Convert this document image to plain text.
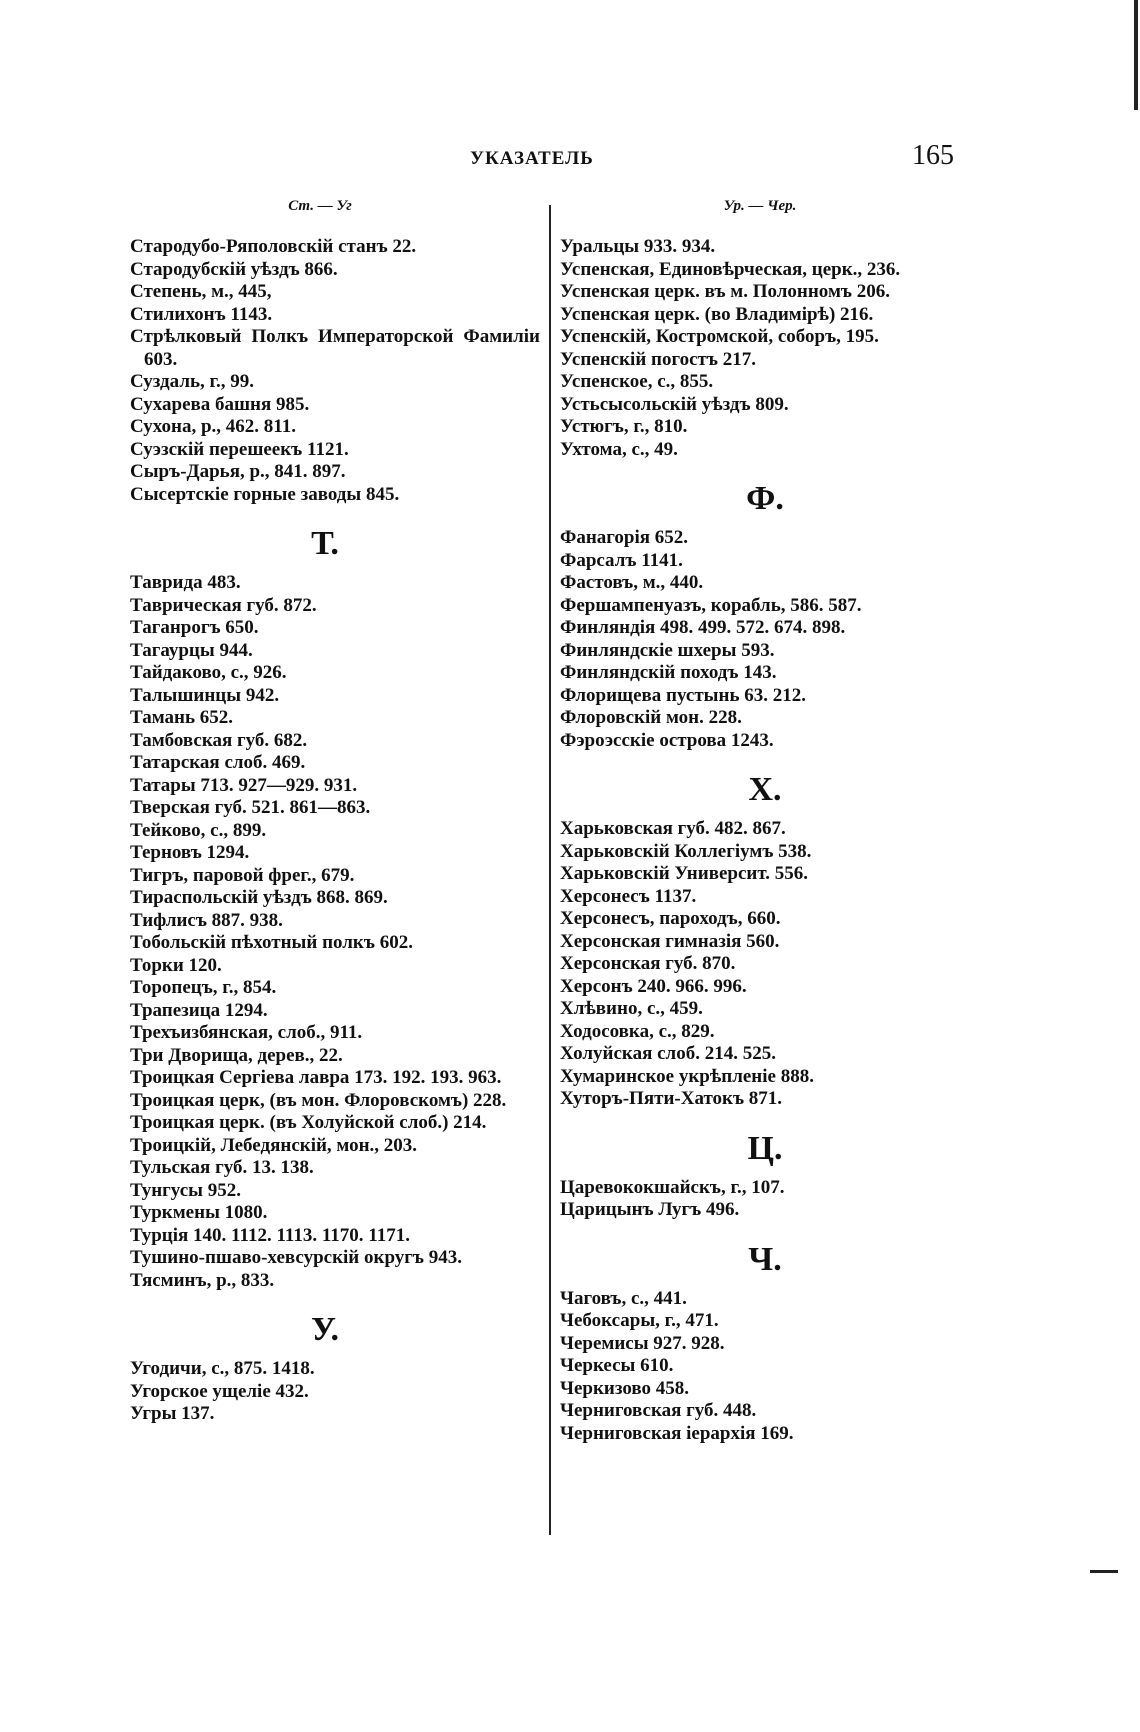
УКАЗАТЕЛЬ	165
Ст. — Уг
Стародубо-Ряполовскій станъ 22.
Стародубскій уѣздъ 866.
Степень, м., 445,
Стилихонъ 1143.
Стрѣлковый Полкъ Императорской Фамиліи 603.
Суздаль, г., 99.
Сухарева башня 985.
Сухона, р., 462. 811.
Суэзскій перешеекъ 1121.
Сыръ-Дарья, р., 841. 897.
Сысертскіе горные заводы 845.
Т.
Таврида 483.
Таврическая губ. 872.
Таганрогъ 650.
Тагаурцы 944.
Тайдаково, с., 926.
Талышинцы 942.
Тамань 652.
Тамбовская губ. 682.
Татарская слоб. 469.
Татары 713. 927—929. 931.
Тверская губ. 521. 861—863.
Тейково, с., 899.
Терновъ 1294.
Тигръ, паровой фрег., 679.
Тираспольскій уѣздъ 868. 869.
Тифлисъ 887. 938.
Тобольскій пѣхотный полкъ 602.
Торки 120.
Торопецъ, г., 854.
Трапезица 1294.
Трехъизбянская, слоб., 911.
Три Дворища, дерев., 22.
Троицкая Сергіева лавра 173. 192. 193. 963.
Троицкая церк, (въ мон. Флоровскомъ) 228.
Троицкая церк. (въ Холуйской слоб.) 214.
Троицкій, Лебедянскій, мон., 203.
Тульская губ. 13. 138.
Тунгусы 952.
Туркмены 1080.
Турція 140. 1112. 1113. 1170. 1171.
Тушино-пшаво-хевсурскій округъ 943.
Тясминъ, р., 833.
У.
Угодичи, с., 875. 1418.
Угорское ущеліе 432.
Угры 137.
Ур. — Чер.
Уральцы 933. 934.
Успенская, Единовѣрческая, церк., 236.
Успенская церк. въ м. Полонномъ 206.
Успенская церк. (во Владимірѣ) 216.
Успенскій, Костромской, соборъ, 195.
Успенскій погостъ 217.
Успенское, с., 855.
Устьсысольскій уѣздъ 809.
Устюгъ, г., 810.
Ухтома, с., 49.
Ф.
Фанагорія 652.
Фарсалъ 1141.
Фастовъ, м., 440.
Фершампенуазъ, корабль, 586. 587.
Финляндія 498. 499. 572. 674. 898.
Финляндскіе шхеры 593.
Финляндскій походъ 143.
Флорищева пустынь 63. 212.
Флоровскій мон. 228.
Фэроэсскіе острова 1243.
Х.
Харьковская губ. 482. 867.
Харьковскій Коллегіумъ 538.
Харьковскій Университ. 556.
Херсонесъ 1137.
Херсонесъ, пароходъ, 660.
Херсонская гимназія 560.
Херсонская губ. 870.
Херсонъ 240. 966. 996.
Хлѣвино, с., 459.
Ходосовка, с., 829.
Холуйская слоб. 214. 525.
Хумаринское укрѣпленіе 888.
Хуторъ-Пяти-Хатокъ 871.
Ц.
Царевококшайскъ, г., 107.
Царицынъ Лугъ 496.
Ч.
Чаговъ, с., 441.
Чебоксары, г., 471.
Черемисы 927. 928.
Черкесы 610.
Черкизово 458.
Черниговская губ. 448.
Черниговская іерархія 169.
